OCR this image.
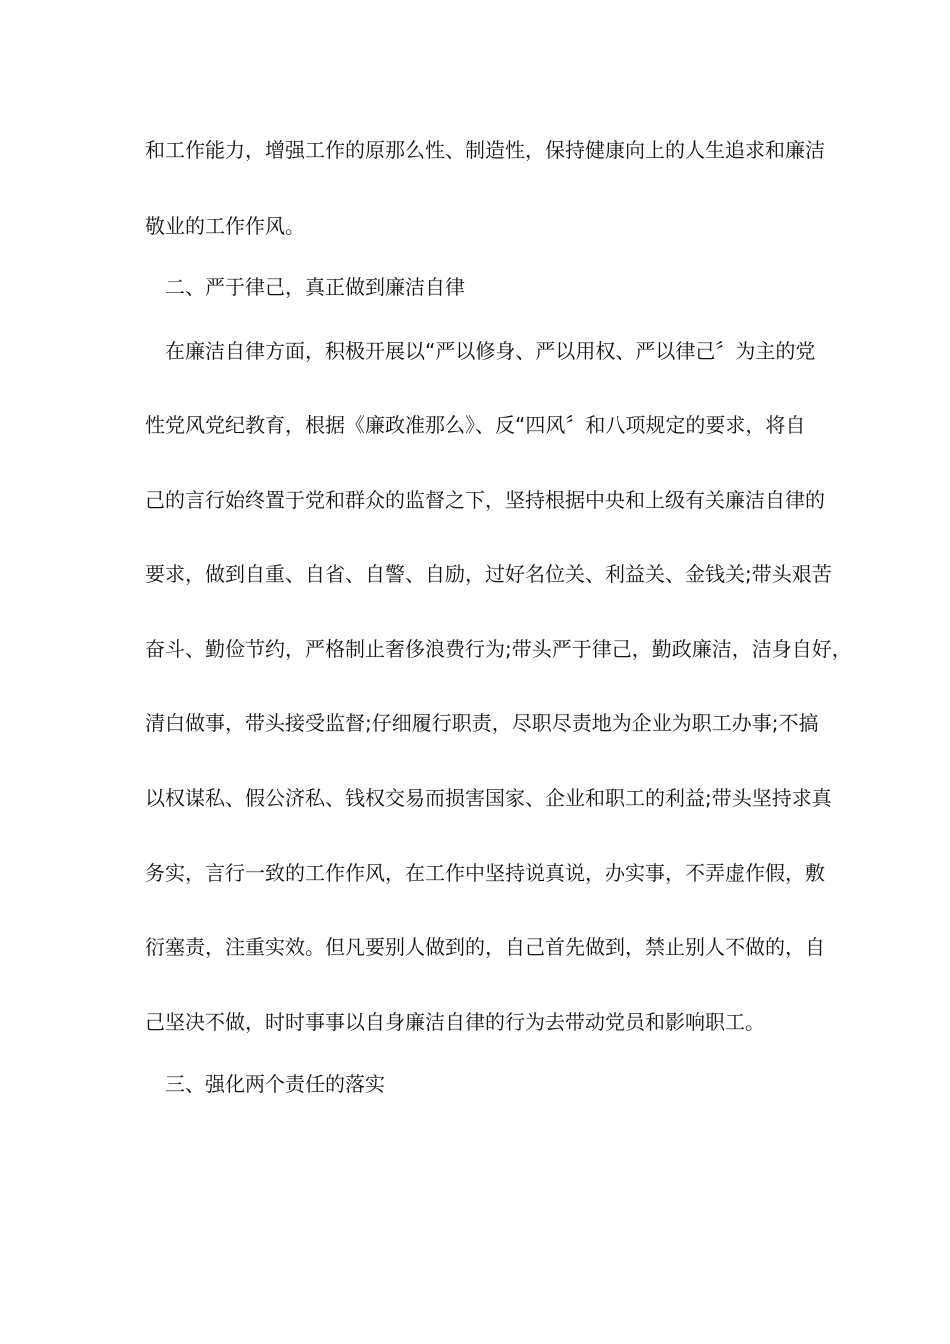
和工作能力，增强工作的原那么性、制造性，保持健康向上的人生追求和廉洁
敬业的工作作风。
　二、严于律己，真正做到廉洁自律
　在廉洁自律方面，积极开展以“严以修身、严以用权、严以律己〞为主的党
性党风党纪教育，根据《廉政准那么》、反“四风〞和八项规定的要求，将自
己的言行始终置于党和群众的监督之下，坚持根据中央和上级有关廉洁自律的
要求，做到自重、自省、自警、自励，过好名位关、利益关、金钱关;带头艰苦
奋斗、勤俭节约，严格制止奢侈浪费行为;带头严于律己，勤政廉洁，洁身自好，
清白做事，带头接受监督;仔细履行职责，尽职尽责地为企业为职工办事;不搞
以权谋私、假公济私、钱权交易而损害国家、企业和职工的利益;带头坚持求真
务实，言行一致的工作作风，在工作中坚持说真说，办实事，不弄虚作假，敷
衍塞责，注重实效。但凡要别人做到的，自己首先做到，禁止别人不做的，自
己坚决不做，时时事事以自身廉洁自律的行为去带动党员和影响职工。
　三、强化两个责任的落实
